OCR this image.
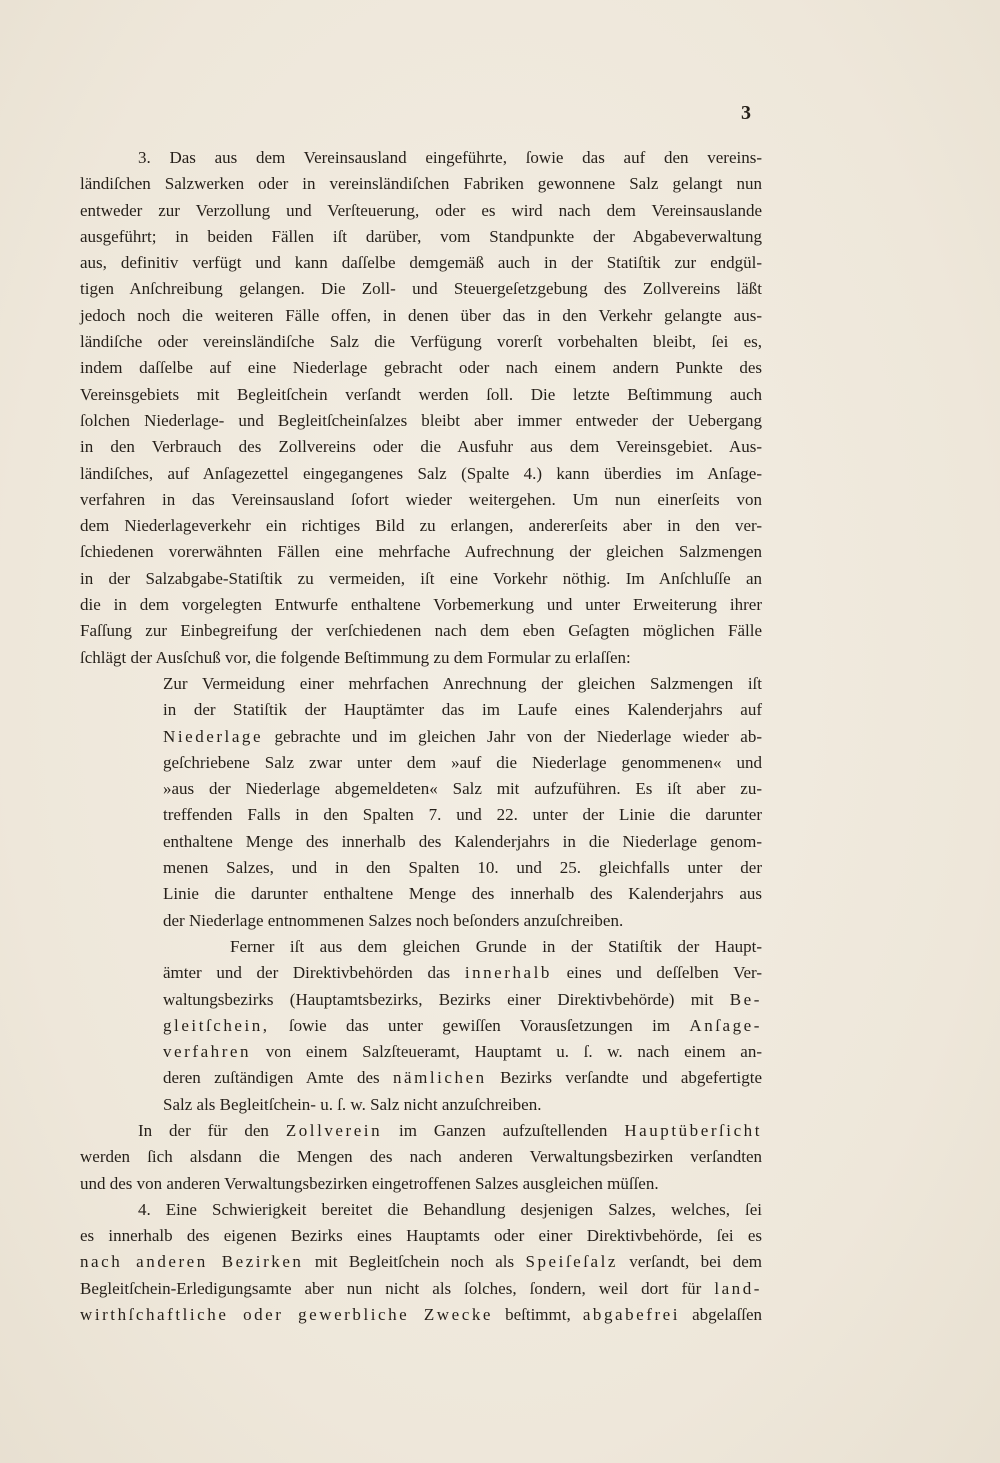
3
3. Das aus dem Vereinsausland eingeführte, ſowie das auf den vereins-
ländiſchen Salzwerken oder in vereinsländiſchen Fabriken gewonnene Salz gelangt nun
entweder zur Verzollung und Verſteuerung, oder es wird nach dem Vereinsauslande
ausgeführt; in beiden Fällen iſt darüber, vom Standpunkte der Abgabeverwaltung
aus, definitiv verfügt und kann daſſelbe demgemäß auch in der Statiſtik zur endgül-
tigen Anſchreibung gelangen. Die Zoll- und Steuergeſetzgebung des Zollvereins läßt
jedoch noch die weiteren Fälle offen, in denen über das in den Verkehr gelangte aus-
ländiſche oder vereinsländiſche Salz die Verfügung vorerſt vorbehalten bleibt, ſei es,
indem daſſelbe auf eine Niederlage gebracht oder nach einem andern Punkte des
Vereinsgebiets mit Begleitſchein verſandt werden ſoll. Die letzte Beſtimmung auch
ſolchen Niederlage- und Begleitſcheinſalzes bleibt aber immer entweder der Uebergang
in den Verbrauch des Zollvereins oder die Ausfuhr aus dem Vereinsgebiet. Aus-
ländiſches, auf Anſagezettel eingegangenes Salz (Spalte 4.) kann überdies im Anſage-
verfahren in das Vereinsausland ſofort wieder weitergehen. Um nun einerſeits von
dem Niederlageverkehr ein richtiges Bild zu erlangen, andererſeits aber in den ver-
ſchiedenen vorerwähnten Fällen eine mehrfache Aufrechnung der gleichen Salzmengen
in der Salzabgabe-Statiſtik zu vermeiden, iſt eine Vorkehr nöthig. Im Anſchluſſe an
die in dem vorgelegten Entwurfe enthaltene Vorbemerkung und unter Erweiterung ihrer
Faſſung zur Einbegreifung der verſchiedenen nach dem eben Geſagten möglichen Fälle
ſchlägt der Ausſchuß vor, die folgende Beſtimmung zu dem Formular zu erlaſſen:
Zur Vermeidung einer mehrfachen Anrechnung der gleichen Salzmengen iſt
in der Statiſtik der Hauptämter das im Laufe eines Kalenderjahrs auf
Niederlage gebrachte und im gleichen Jahr von der Niederlage wieder ab-
geſchriebene Salz zwar unter dem »auf die Niederlage genommenen« und
»aus der Niederlage abgemeldeten« Salz mit aufzuführen. Es iſt aber zu-
treffenden Falls in den Spalten 7. und 22. unter der Linie die darunter
enthaltene Menge des innerhalb des Kalenderjahrs in die Niederlage genom-
menen Salzes, und in den Spalten 10. und 25. gleichfalls unter der
Linie die darunter enthaltene Menge des innerhalb des Kalenderjahrs aus
der Niederlage entnommenen Salzes noch beſonders anzuſchreiben.
Ferner iſt aus dem gleichen Grunde in der Statiſtik der Haupt-
ämter und der Direktivbehörden das innerhalb eines und deſſelben Ver-
waltungsbezirks (Hauptamtsbezirks, Bezirks einer Direktivbehörde) mit Be-
gleitſchein, ſowie das unter gewiſſen Vorausſetzungen im Anſage-
verfahren von einem Salzſteueramt, Hauptamt u. ſ. w. nach einem an-
deren zuſtändigen Amte des nämlichen Bezirks verſandte und abgefertigte
Salz als Begleitſchein- u. ſ. w. Salz nicht anzuſchreiben.
In der für den Zollverein im Ganzen aufzuſtellenden Hauptüberſicht
werden ſich alsdann die Mengen des nach anderen Verwaltungsbezirken verſandten
und des von anderen Verwaltungsbezirken eingetroffenen Salzes ausgleichen müſſen.
4. Eine Schwierigkeit bereitet die Behandlung desjenigen Salzes, welches, ſei
es innerhalb des eigenen Bezirks eines Hauptamts oder einer Direktivbehörde, ſei es
nach anderen Bezirken mit Begleitſchein noch als Speiſeſalz verſandt, bei dem
Begleitſchein-Erledigungsamte aber nun nicht als ſolches, ſondern, weil dort für land-
wirthſchaftliche oder gewerbliche Zwecke beſtimmt, abgabefrei abgelaſſen
